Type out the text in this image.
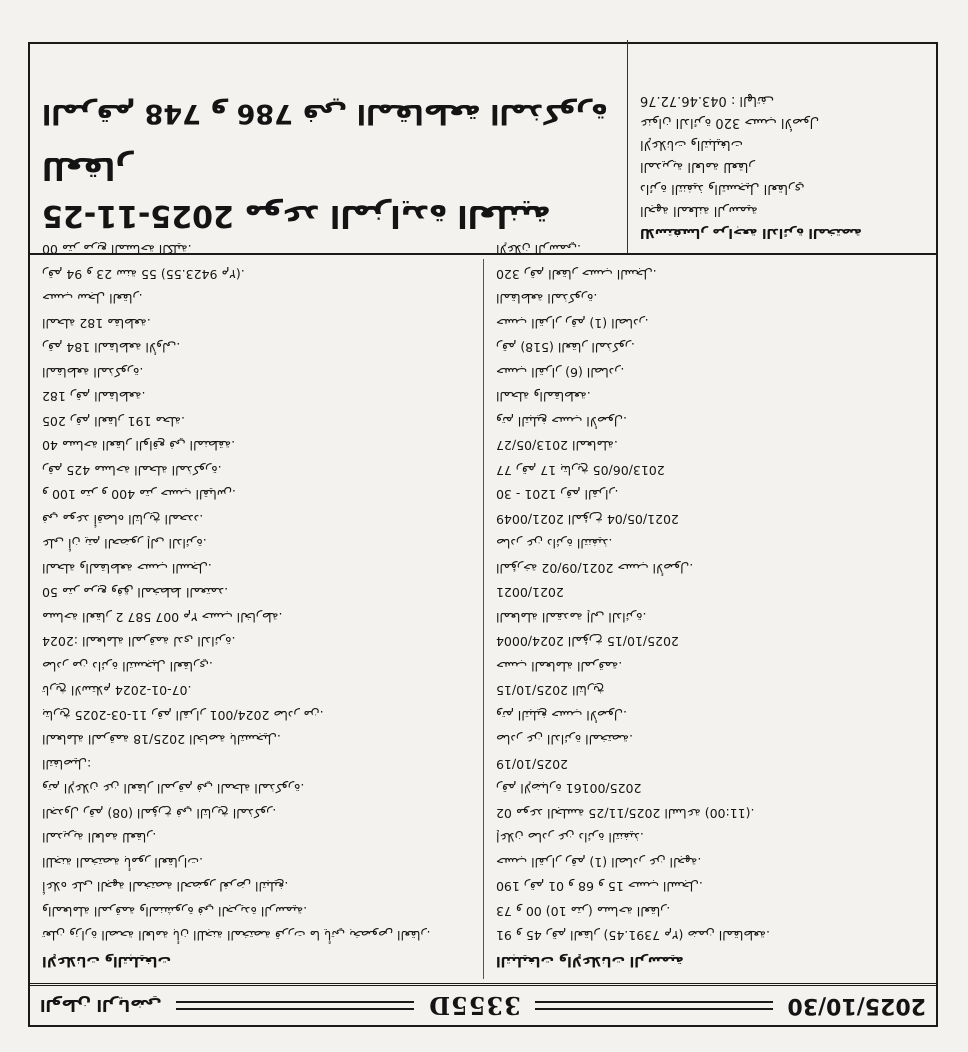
2025/10/30
3355D
الوطن الرياضي

الإعلانات والتبليغات

تعلن وزارة الصحة العامة بأن اللجنة المختصة قررت ما يأتي بخصوص العقار.

والمعاملة المرقمة والمنشورة في الجريدة الرسمية.

أعلاه على الجهة المختصة الحضور لغرض التبليغ.

اللجنة المختصة بأمور العقارات.

المديرية العامة للعقار.

الجدول رقم (08) المؤرخ في التاريخ المذكور.

وتم الإعلان عن العقار المرقم في المحلة المذكورة.

التفاصيل:

المعاملة المرقمة 2025/18 الخاصة بالتسجيل.

بتاريخ 2025-03-11 رقم القرار 2024/001 صادر من.

تاريخ الاستلام 2024-01-07.

صادر من دائرة التسجيل العقاري.

2024: المعاملة المرقمة لدى الدائرة.

مساحة العقار 2 587 007 م٢ حسب الخارطة.

50 متر مربع وفق المخطط المعتمد.

المحلة والمقاطعة حسب السجل.

على أن يتم الحضور إلى الدائرة.

في موعد أقصاه التاريخ المحدد.

و 100 متر و 400 متر حسب القياس.

رقم 425 مساحة المحلة المذكورة.

40 مساحة العقار الواقع في المنطقة.

205 رقم العقار 191 محلة.

182 رقم المقاطعة.

المقاطعة المذكورة.

رقم 184 المقاطعة الأولى.

المحلة 182 مقاطعة.

حسب سجل العقار.

رقم 94 و 23 سنة 55 (9423.55 م٢).

00 متر مربع المساحة الكلية.

التبليغات والإعلانات الرسمية

91 و 45 رقم العقار (7391.45 م٢) ضمن المقاطعة.

73 و 00 (10 متر) مساحة العقار.

190 رقم 01 و 68 و 15 حسب السجل.

حسب القرار رقم (1) الصادر عن الجهة.

إعلان صادر عن دائرة التنفيذ.

02 موعد الجلسة 2025/11/25 الساعة (11:00).

رقم الإضبارة 2025/00161

2025/10/19

صادر عن الدائرة المختصة.

وتم التبليغ حسب الأصول.

2025/10/15 التاريخ

حسب المعاملة المرقمة.

2024/0004 المؤرخ 2025/10/15

المعاملة المقدمة إلى الدائرة.

2021/0021

المؤرخة 2021/09/02 حسب الأصول.

صادر عن دائرة التنفيذ.

2021/0049 المؤرخ 2021/05/04

30 - 1201 رقم القرار.

77 رقم 17 بتاريخ 2013/06/05

2013/05/27 المعاملة.

وتم التبليغ حسب الأصول.

المحلة والمقاطعة.

حسب القرار (6) الصادر.

رقم (518) العقار المذكور.

حسب القرار رقم (1) الصادر.

المقاطعة المذكورة.

320 رقم العقار حسب السجل.

الإعلان الرسمي.

2025-11-25 موعد المزايدة العلنية للعقار
المرقم 748 و 786 في المقاطعة المذكورة
للاستفسار مراجعة الدائرة المختصة
الجهة المعلنة الرسمية
دائرة التنفيذ والتسجيل العقاري
المديرية العامة للعقار
الإعلانات والتبليغات
عنوان الدائرة 320 حسب الأصول
043.46.72.76 : الهاتف
